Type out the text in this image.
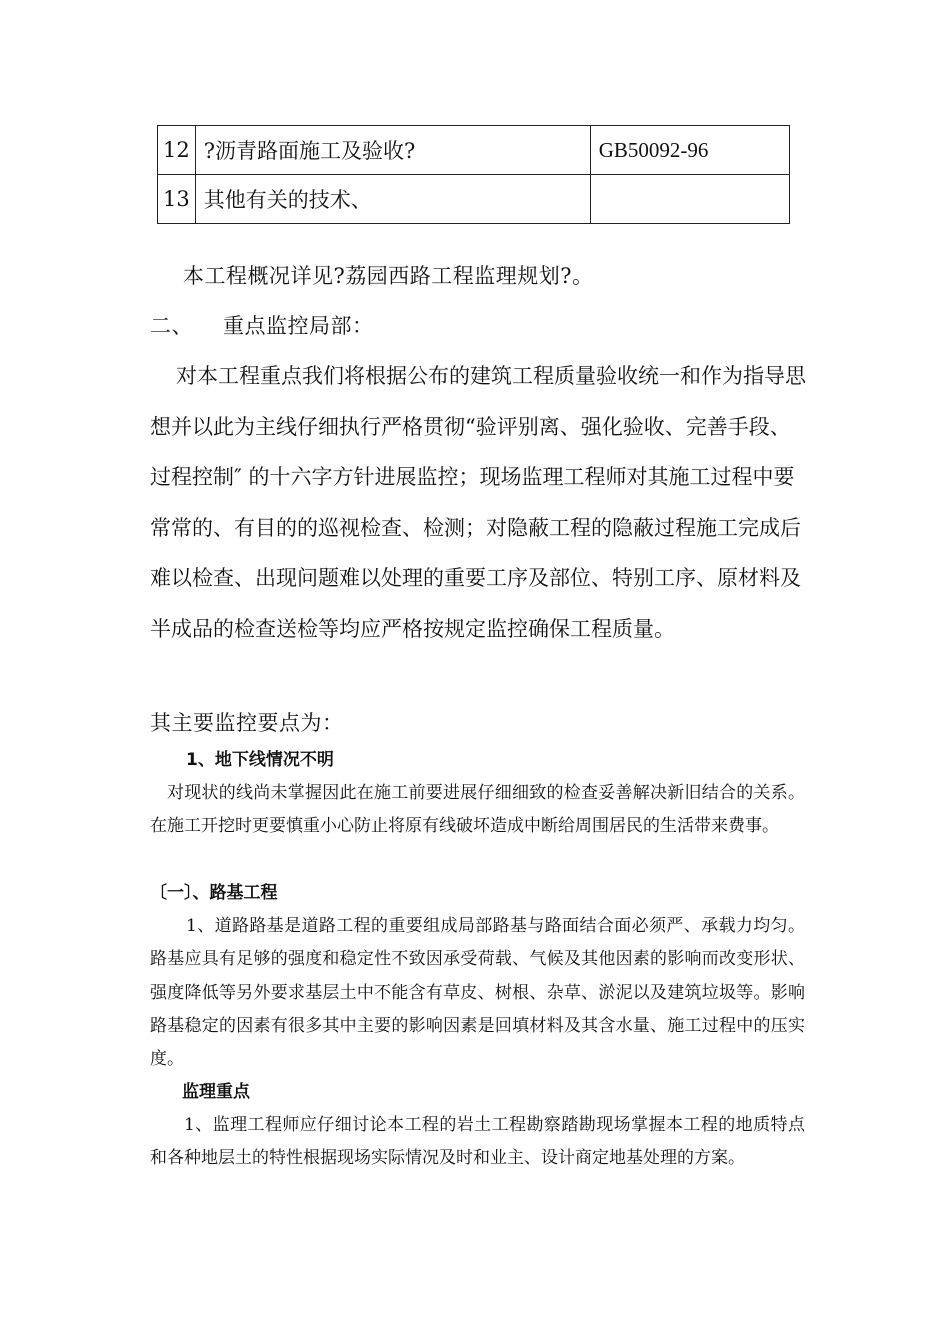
12	?沥青路面施工及验收?	GB50092-96
13	其他有关的技术、	
本工程概况详见?荔园西路工程监理规划?。
二、 重点监控局部：
对本工程重点我们将根据公布的建筑工程质量验收统一和作为指导思想并以此为主线仔细执行严格贯彻“验评别离、强化验收、完善手段、过程控制″ 的十六字方针进展监控；现场监理工程师对其施工过程中要常常的、有目的的巡视检查、检测；对隐蔽工程的隐蔽过程施工完成后难以检查、出现问题难以处理的重要工序及部位、特别工序、原材料及半成品的检查送检等均应严格按规定监控确保工程质量。
其主要监控要点为：
1、地下线情况不明
对现状的线尚未掌握因此在施工前要进展仔细细致的检查妥善解决新旧结合的关系。在施工开挖时更要慎重小心防止将原有线破坏造成中断给周围居民的生活带来费事。
〔一〕、路基工程
1、道路路基是道路工程的重要组成局部路基与路面结合面必须严、承载力均匀。路基应具有足够的强度和稳定性不致因承受荷载、气候及其他因素的影响而改变形状、强度降低等另外要求基层土中不能含有草皮、树根、杂草、淤泥以及建筑垃圾等。影响路基稳定的因素有很多其中主要的影响因素是回填材料及其含水量、施工过程中的压实度。
监理重点
1、监理工程师应仔细讨论本工程的岩土工程勘察踏勘现场掌握本工程的地质特点和各种地层土的特性根据现场实际情况及时和业主、设计商定地基处理的方案。
